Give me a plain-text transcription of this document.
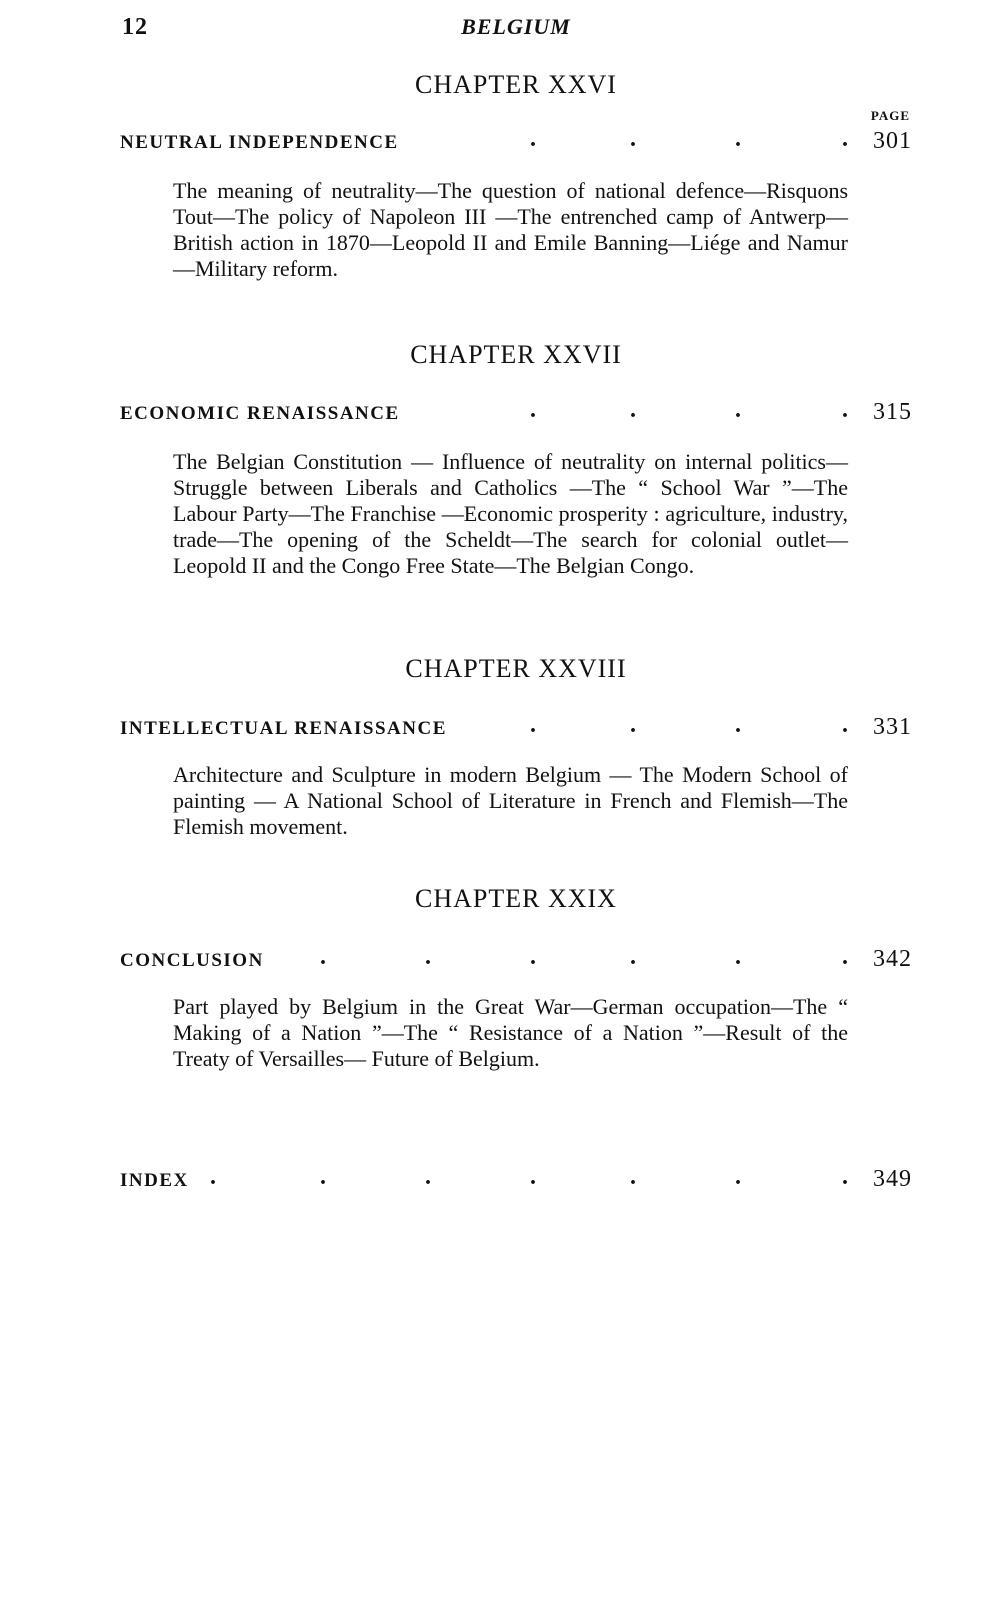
12	BELGIUM
CHAPTER XXVI
PAGE
NEUTRAL INDEPENDENCE	.	.	.	. 301
The meaning of neutrality—The question of national defence—Risquons Tout—The policy of Napoleon III —The entrenched camp of Antwerp—British action in 1870—Leopold II and Emile Banning—Liége and Namur —Military reform.
CHAPTER XXVII
ECONOMIC RENAISSANCE	.	.	.	. 315
The Belgian Constitution — Influence of neutrality on internal politics—Struggle between Liberals and Catholics —The “ School War ”—The Labour Party—The Franchise —Economic prosperity : agriculture, industry, trade—The opening of the Scheldt—The search for colonial outlet— Leopold II and the Congo Free State—The Belgian Congo.
CHAPTER XXVIII
INTELLECTUAL RENAISSANCE	.	.	.	. 331
Architecture and Sculpture in modern Belgium — The Modern School of painting — A National School of Literature in French and Flemish—The Flemish movement.
CHAPTER XXIX
CONCLUSION .	.	.	.	.	. 342
Part played by Belgium in the Great War—German occupation—The “ Making of a Nation ”—The “ Resistance of a Nation ”—Result of the Treaty of Versailles— Future of Belgium.
INDEX .	.	.	.	.	.	. 349
